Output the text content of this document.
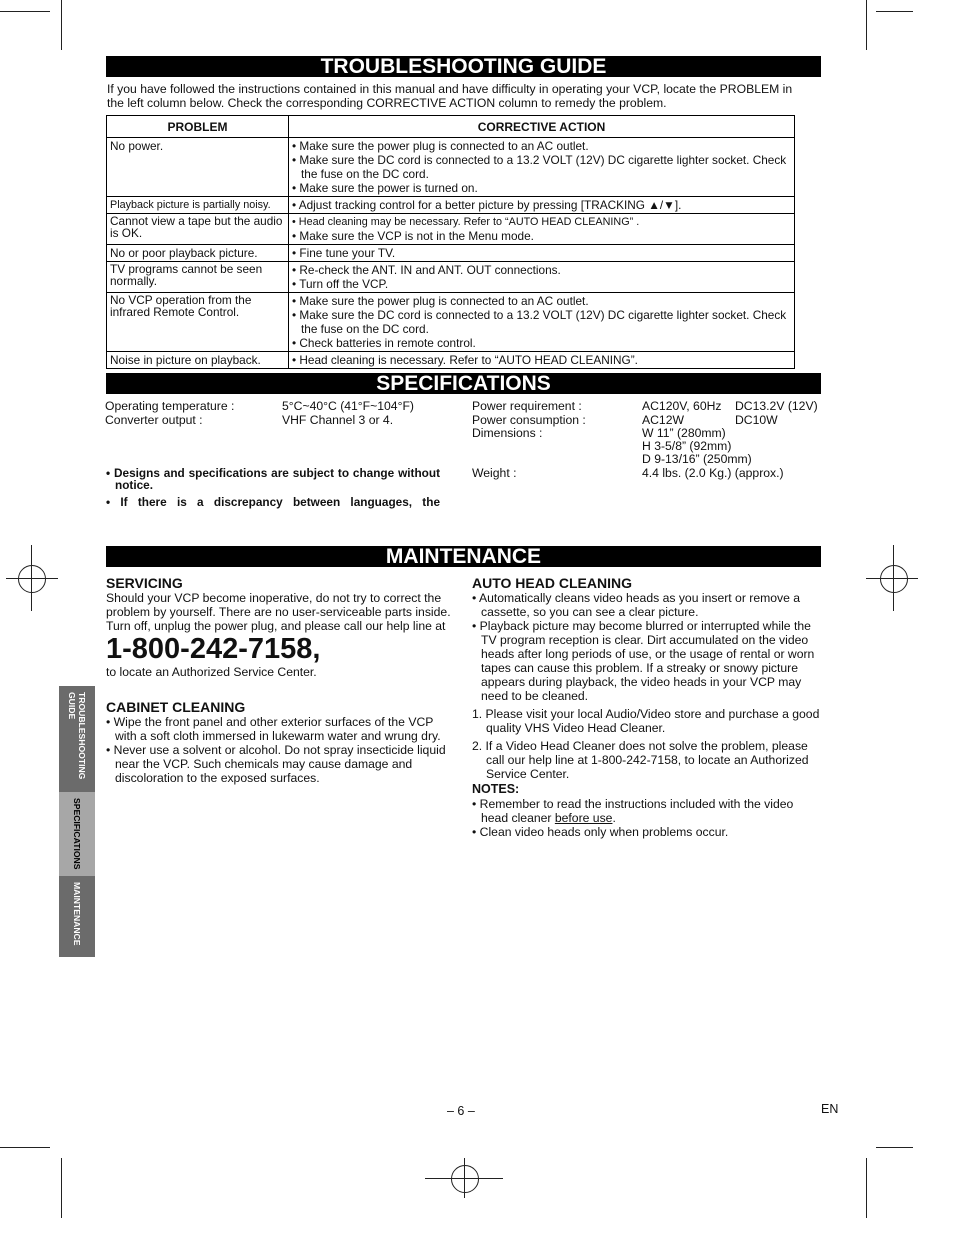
TROUBLESHOOTING GUIDE
If you have followed the instructions contained in this manual and have difficulty in operating your VCP, locate the PROBLEM in the left column below. Check the corresponding CORRECTIVE ACTION column to remedy the problem.
PROBLEM	CORRECTIVE ACTION
No power.	• Make sure the power plug is connected to an AC outlet.
• Make sure the DC cord is connected to a 13.2 VOLT (12V) DC cigarette lighter socket. Check the fuse on the DC cord.
• Make sure the power is turned on.

Playback picture is partially noisy.	• Adjust tracking control for a better picture by pressing [TRACKING ▲/▼].

Cannot view a tape but the audio is OK.	• Head cleaning may be necessary. Refer to “AUTO HEAD CLEANING” .
• Make sure the VCP is not in the Menu mode.

No or poor playback picture.	• Fine tune your TV.

TV programs cannot be seen normally.	• Re-check the ANT. IN and ANT. OUT connections.
• Turn off the VCP.

No VCP operation from the infrared Remote Control.	• Make sure the power plug is connected to an AC outlet.
• Make sure the DC cord is connected to a 13.2 VOLT (12V) DC cigarette lighter socket. Check the fuse on the DC cord.
• Check batteries in remote control.

Noise in picture on playback.	• Head cleaning is necessary. Refer to “AUTO HEAD CLEANING”.
SPECIFICATIONS
Operating temperature :	5°C~40°C (41°F~104°F)
Converter output :	VHF Channel 3 or 4.
Power requirement :	AC120V, 60Hz DC13.2V (12V)
Power consumption :	AC12W	DC10W
Dimensions :	W 11” (280mm)
H 3-5/8” (92mm)
D 9-13/16” (250mm)
Weight :	4.4 lbs. (2.0 Kg.) (approx.)
• Designs and specifications are subject to change without notice.
• If there is a discrepancy between languages, the
MAINTENANCE
SERVICING
Should your VCP become inoperative, do not try to correct the problem by yourself. There are no user-serviceable parts inside. Turn off, unplug the power plug, and please call our help line at
1-800-242-7158,
to locate an Authorized Service Center.
CABINET CLEANING
• Wipe the front panel and other exterior surfaces of the VCP with a soft cloth immersed in lukewarm water and wrung dry.
• Never use a solvent or alcohol. Do not spray insecticide liquid near the VCP. Such chemicals may cause damage and discoloration to the exposed surfaces.
AUTO HEAD CLEANING
• Automatically cleans video heads as you insert or remove a cassette, so you can see a clear picture.
• Playback picture may become blurred or interrupted while the TV program reception is clear. Dirt accumulated on the video heads after long periods of use, or the usage of rental or worn tapes can cause this problem. If a streaky or snowy picture appears during playback, the video heads in your VCP may need to be cleaned.
1. Please visit your local Audio/Video store and purchase a good quality VHS Video Head Cleaner.
2. If a Video Head Cleaner does not solve the problem, please call our help line at 1-800-242-7158, to locate an Authorized Service Center.
NOTES:
• Remember to read the instructions included with the video head cleaner before use.
• Clean video heads only when problems occur.
TROUBLESHOOTING
GUIDE
SPECIFICATIONS
MAINTENANCE
– 6 –	EN
